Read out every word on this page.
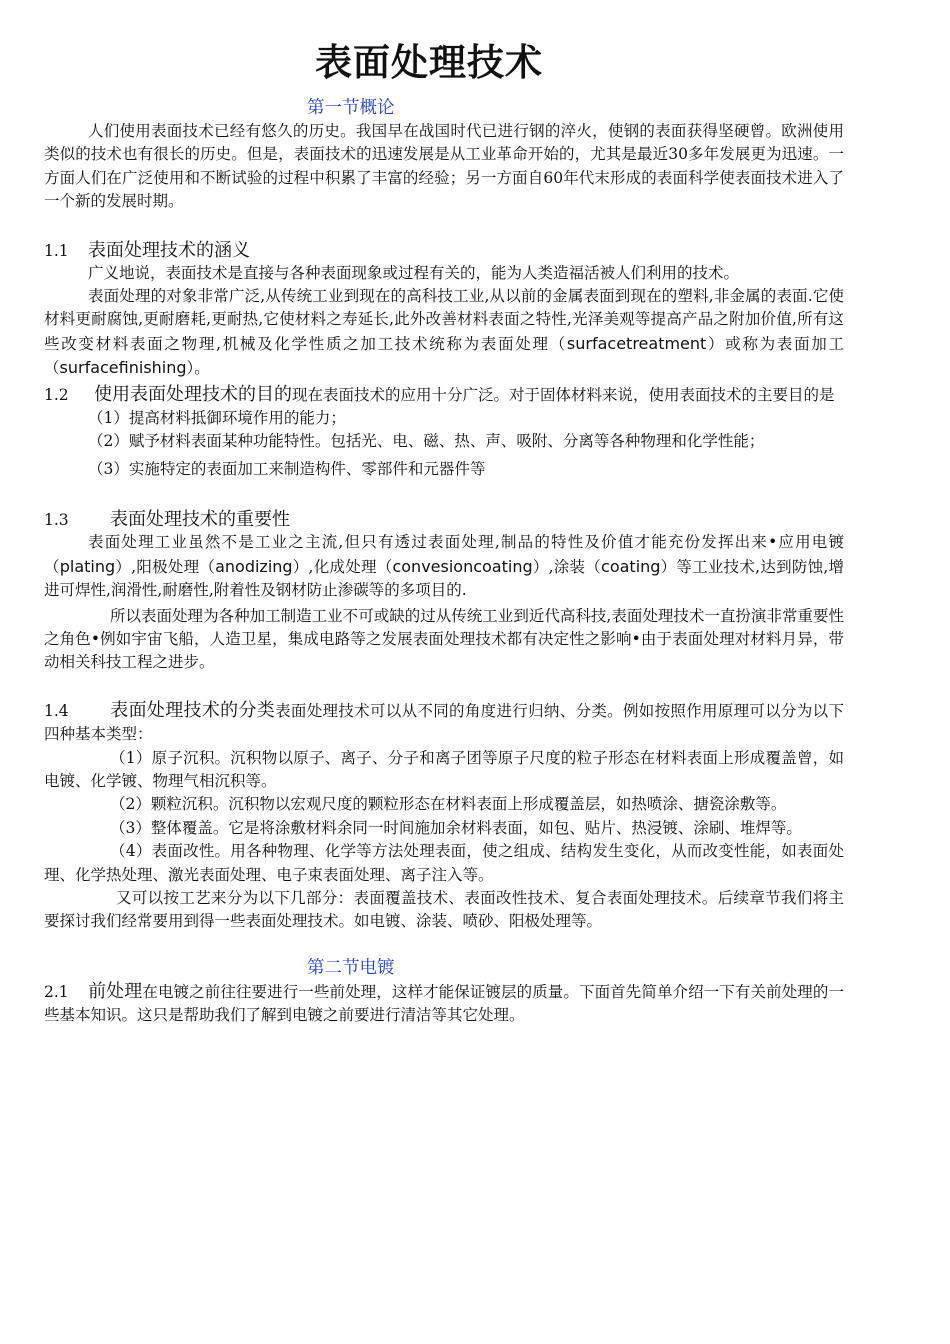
表面处理技术
第一节概论

人们使用表面技术已经有悠久的历史。我国早在战国时代已进行钢的淬火，使钢的表面获得坚硬曾。欧洲使用类似的技术也有很长的历史。但是，表面技术的迅速发展是从工业革命开始的，尤其是最近30多年发展更为迅速。一方面人们在广泛使用和不断试验的过程中积累了丰富的经验；另一方面自60年代末形成的表面科学使表面技术进入了一个新的发展时期。

1.1 表面处理技术的涵义

广义地说，表面技术是直接与各种表面现象或过程有关的，能为人类造福活被人们利用的技术。

表面处理的对象非常广泛,从传统工业到现在的高科技工业,从以前的金属表面到现在的塑料,非金属的表面.它使材料更耐腐蚀,更耐磨耗,更耐热,它使材料之寿延长,此外改善材料表面之特性,光泽美观等提高产品之附加价值,所有这些改变材料表面之物理,机械及化学性质之加工技术统称为表面处理（surfacetreatment）或称为表面加工（surfacefinishing）。

1.2 使用表面处理技术的目的现在表面技术的应用十分广泛。对于固体材料来说，使用表面技术的主要目的是

（1）提高材料抵御环境作用的能力；

（2）赋予材料表面某种功能特性。包括光、电、磁、热、声、吸附、分离等各种物理和化学性能；

（3）实施特定的表面加工来制造构件、零部件和元器件等

1.3 表面处理技术的重要性

表面处理工业虽然不是工业之主流,但只有透过表面处理,制品的特性及价值才能充份发挥出来•应用电镀（plating）,阳极处理（anodizing）,化成处理（convesioncoating）,涂装（coating）等工业技术,达到防蚀,增进可焊性,润滑性,耐磨性,附着性及钢材防止渗碳等的多项目的.

所以表面处理为各种加工制造工业不可或缺的过从传统工业到近代高科技,表面处理技术一直扮演非常重要性之角色•例如宇宙飞船，人造卫星，集成电路等之发展表面处理技术都有决定性之影响•由于表面处理对材料月异，带动相关科技工程之进步。

1.4 表面处理技术的分类表面处理技术可以从不同的角度进行归纳、分类。例如按照作用原理可以分为以下四种基本类型：

（1）原子沉积。沉积物以原子、离子、分子和离子团等原子尺度的粒子形态在材料表面上形成覆盖曾，如电镀、化学镀、物理气相沉积等。

（2）颗粒沉积。沉积物以宏观尺度的颗粒形态在材料表面上形成覆盖层，如热喷涂、搪瓷涂敷等。

（3）整体覆盖。它是将涂敷材料余同一时间施加余材料表面，如包、贴片、热浸镀、涂刷、堆焊等。

（4）表面改性。用各种物理、化学等方法处理表面，使之组成、结构发生变化，从而改变性能，如表面处理、化学热处理、激光表面处理、电子束表面处理、离子注入等。

又可以按工艺来分为以下几部分：表面覆盖技术、表面改性技术、复合表面处理技术。后续章节我们将主要探讨我们经常要用到得一些表面处理技术。如电镀、涂装、喷砂、阳极处理等。

第二节电镀

2.1 前处理在电镀之前往往要进行一些前处理，这样才能保证镀层的质量。下面首先简单介绍一下有关前处理的一些基本知识。这只是帮助我们了解到电镀之前要进行清洁等其它处理。
